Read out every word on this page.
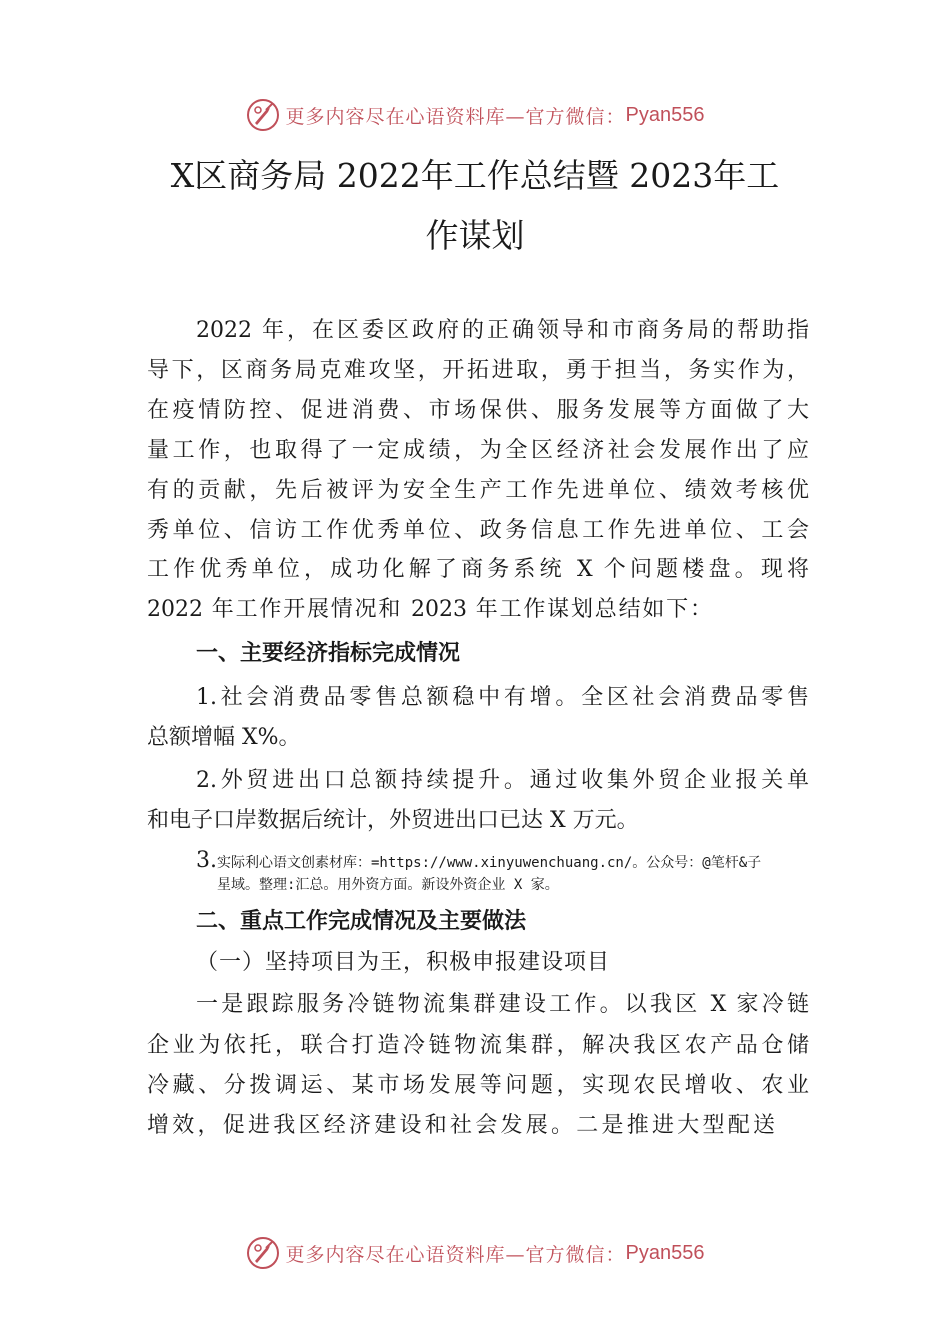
更多内容尽在心语资料库—官方微信： Pyan556
X区商务局 2022年工作总结暨 2023年工
作谋划
2022 年，在区委区政府的正确领导和市商务局的帮助指
导下，区商务局克难攻坚，开拓进取，勇于担当，务实作为，
在疫情防控、促进消费、市场保供、服务发展等方面做了大
量工作，也取得了一定成绩，为全区经济社会发展作出了应
有的贡献，先后被评为安全生产工作先进单位、绩效考核优
秀单位、信访工作优秀单位、政务信息工作先进单位、工会
工作优秀单位，成功化解了商务系统 X 个问题楼盘。现将
2022 年工作开展情况和 2023 年工作谋划总结如下：
一、主要经济指标完成情况
1.社会消费品零售总额稳中有增。全区社会消费品零售
总额增幅 X%。
2.外贸进出口总额持续提升。通过收集外贸企业报关单
和电子口岸数据后统计，外贸进出口已达 X 万元。
3. 实际利心语文创素材库：=https://www.xinyuwenchuang.cn/。公众号：@笔杆&子
星域。整理:汇总。用外资方面。新设外资企业 X 家。
二、重点工作完成情况及主要做法
（一）坚持项目为王，积极申报建设项目
一是跟踪服务冷链物流集群建设工作。以我区 X 家冷链
企业为依托，联合打造冷链物流集群，解决我区农产品仓储
冷藏、分拨调运、某市场发展等问题，实现农民增收、农业
增效，促进我区经济建设和社会发展。二是推进大型配送
更多内容尽在心语资料库—官方微信： Pyan556
